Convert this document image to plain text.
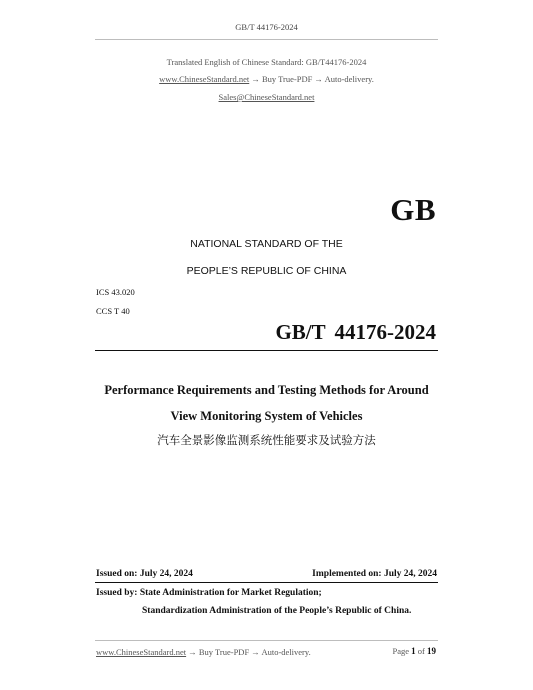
GB/T 44176-2024
Translated English of Chinese Standard: GB/T44176-2024
www.ChineseStandard.net → Buy True-PDF → Auto-delivery.
Sales@ChineseStandard.net
GB
NATIONAL STANDARD OF THE
PEOPLE’S REPUBLIC OF CHINA
ICS 43.020
CCS T 40
GB/T 44176-2024
Performance Requirements and Testing Methods for Around
View Monitoring System of Vehicles
汽车全景影像监测系统性能要求及试验方法
Issued on: July 24, 2024	Implemented on: July 24, 2024
Issued by: State Administration for Market Regulation;
Standardization Administration of the People’s Republic of China.
www.ChineseStandard.net → Buy True-PDF → Auto-delivery.	Page 1 of 19
